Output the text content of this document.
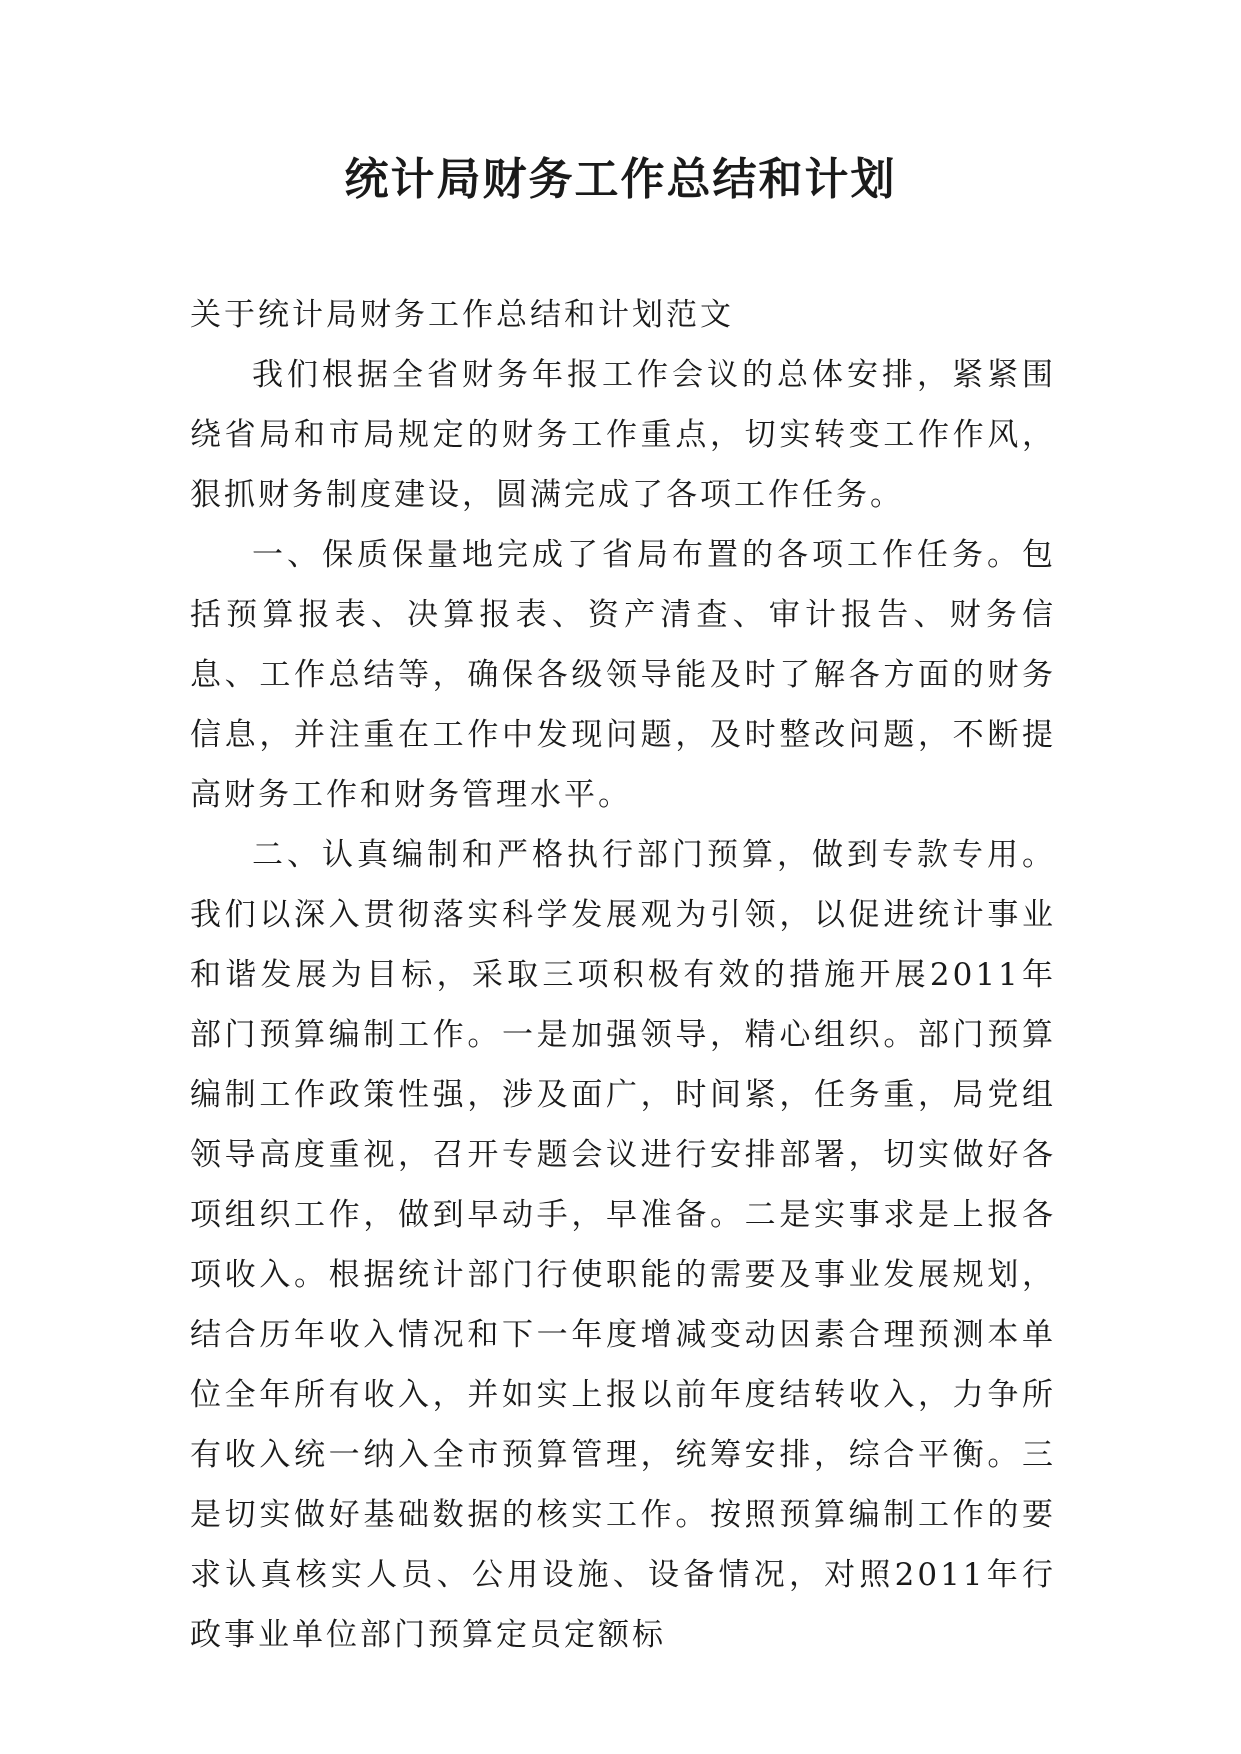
统计局财务工作总结和计划

关于统计局财务工作总结和计划范文

我们根据全省财务年报工作会议的总体安排，紧紧围绕省局和市局规定的财务工作重点，切实转变工作作风，狠抓财务制度建设，圆满完成了各项工作任务。

一、保质保量地完成了省局布置的各项工作任务。包括预算报表、决算报表、资产清查、审计报告、财务信息、工作总结等，确保各级领导能及时了解各方面的财务信息，并注重在工作中发现问题，及时整改问题，不断提高财务工作和财务管理水平。

二、认真编制和严格执行部门预算，做到专款专用。我们以深入贯彻落实科学发展观为引领，以促进统计事业和谐发展为目标，采取三项积极有效的措施开展2011年部门预算编制工作。一是加强领导，精心组织。部门预算编制工作政策性强，涉及面广，时间紧，任务重，局党组领导高度重视，召开专题会议进行安排部署，切实做好各项组织工作，做到早动手，早准备。二是实事求是上报各项收入。根据统计部门行使职能的需要及事业发展规划，结合历年收入情况和下一年度增减变动因素合理预测本单位全年所有收入，并如实上报以前年度结转收入，力争所有收入统一纳入全市预算管理，统筹安排，综合平衡。三是切实做好基础数据的核实工作。按照预算编制工作的要求认真核实人员、公用设施、设备情况，对照2011年行政事业单位部门预算定员定额标
